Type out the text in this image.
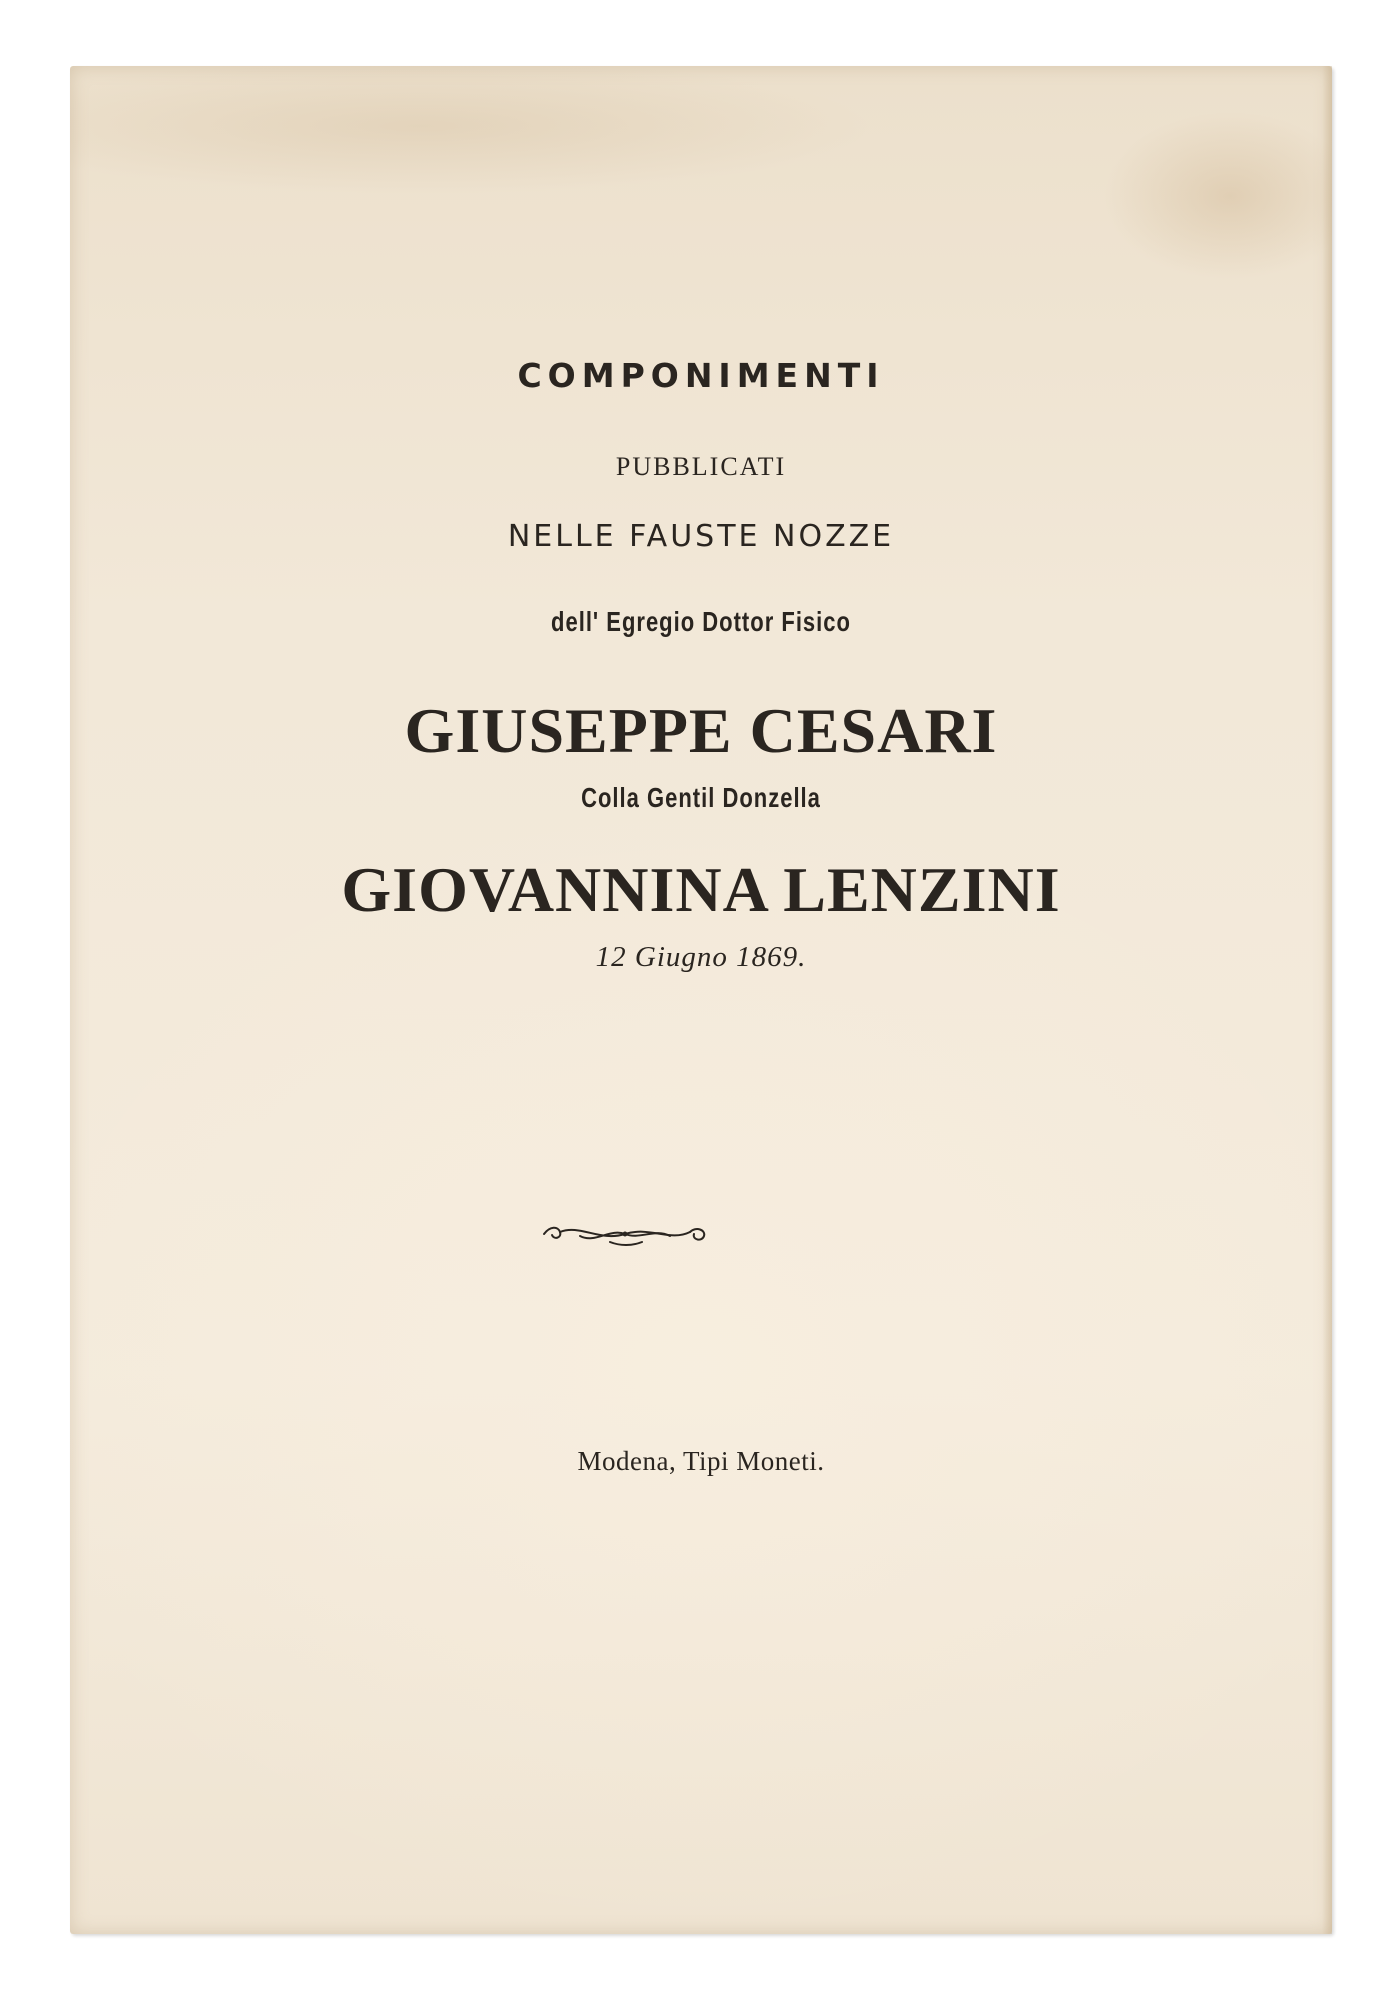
COMPONIMENTI
PUBBLICATI
NELLE FAUSTE NOZZE
dell' Egregio Dottor Fisico
GIUSEPPE CESARI
Colla Gentil Donzella
GIOVANNINA LENZINI
12 Giugno 1869.
Modena, Tipi Moneti.
